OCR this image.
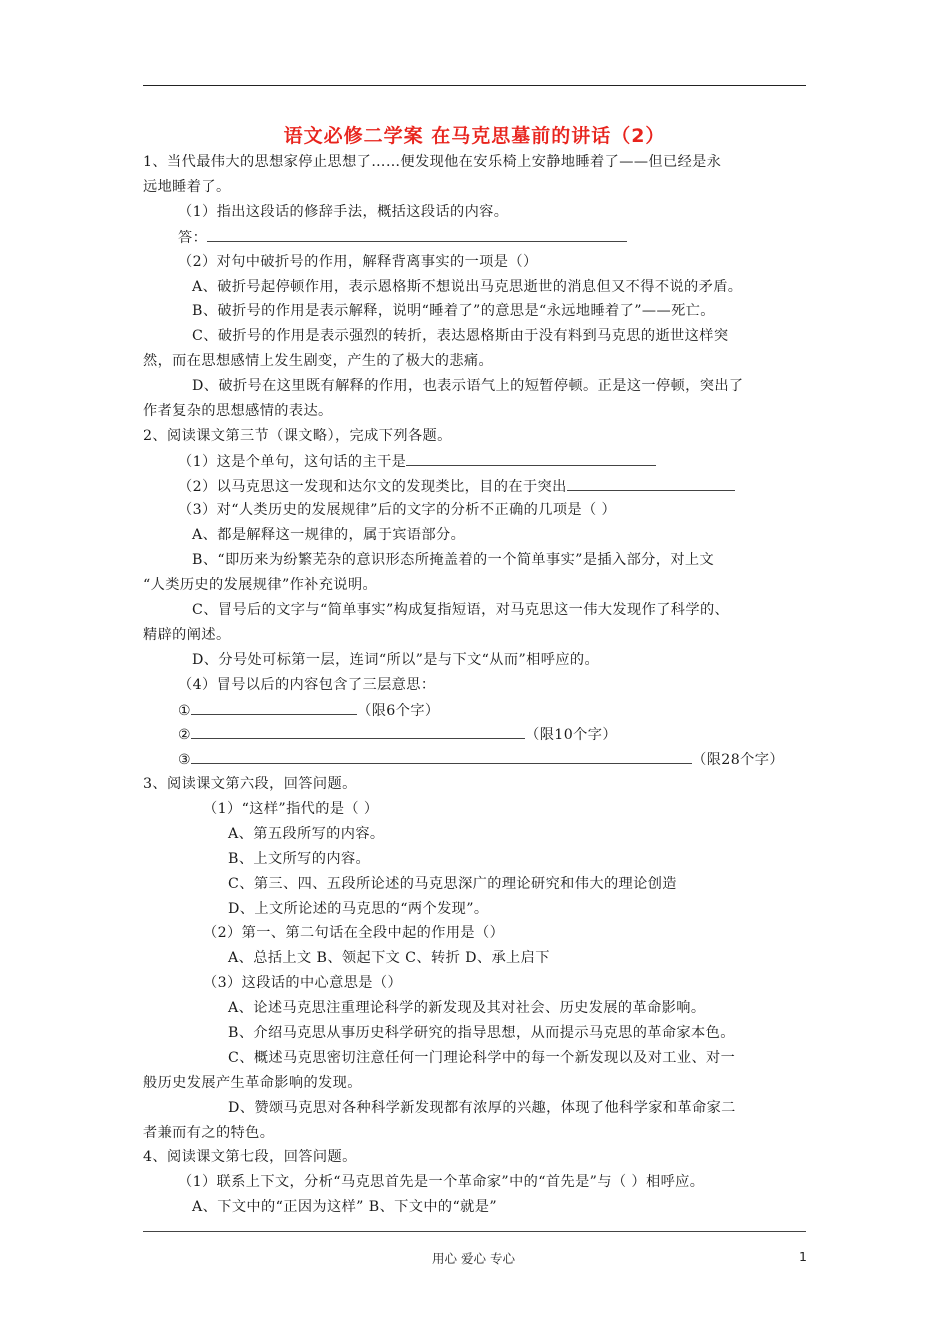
语文必修二学案 在马克思墓前的讲话（2）
1、当代最伟大的思想家停止思想了……便发现他在安乐椅上安静地睡着了——但已经是永
远地睡着了。
（1）指出这段话的修辞手法，概括这段话的内容。
答：
（2）对句中破折号的作用，解释背离事实的一项是（）
A、破折号起停顿作用，表示恩格斯不想说出马克思逝世的消息但又不得不说的矛盾。
B、破折号的作用是表示解释，说明“睡着了”的意思是“永远地睡着了”——死亡。
C、破折号的作用是表示强烈的转折，表达恩格斯由于没有料到马克思的逝世这样突
然，而在思想感情上发生剧变，产生的了极大的悲痛。
D、破折号在这里既有解释的作用，也表示语气上的短暂停顿。正是这一停顿，突出了
作者复杂的思想感情的表达。
2、阅读课文第三节（课文略），完成下列各题。
（1）这是个单句，这句话的主干是
（2）以马克思这一发现和达尔文的发现类比，目的在于突出
（3）对“人类历史的发展规律”后的文字的分析不正确的几项是（ ）
A、都是解释这一规律的，属于宾语部分。
B、“即历来为纷繁芜杂的意识形态所掩盖着的一个简单事实”是插入部分，对上文
“人类历史的发展规律”作补充说明。
C、冒号后的文字与“简单事实”构成复指短语，对马克思这一伟大发现作了科学的、
精辟的阐述。
D、分号处可标第一层，连词“所以”是与下文“从而”相呼应的。
（4）冒号以后的内容包含了三层意思：
①	（限6个字）
②	（限10个字）
③	（限28个字）
3、阅读课文第六段，回答问题。
（1）“这样”指代的是（ ）
A、第五段所写的内容。
B、上文所写的内容。
C、第三、四、五段所论述的马克思深广的理论研究和伟大的理论创造
D、上文所论述的马克思的“两个发现”。
（2）第一、第二句话在全段中起的作用是（）
A、总括上文 B、领起下文 C、转折 D、承上启下
（3）这段话的中心意思是（）
A、论述马克思注重理论科学的新发现及其对社会、历史发展的革命影响。
B、介绍马克思从事历史科学研究的指导思想，从而提示马克思的革命家本色。
C、概述马克思密切注意任何一门理论科学中的每一个新发现以及对工业、对一
般历史发展产生革命影响的发现。
D、赞颂马克思对各种科学新发现都有浓厚的兴趣，体现了他科学家和革命家二
者兼而有之的特色。
4、阅读课文第七段，回答问题。
（1）联系上下文，分析“马克思首先是一个革命家”中的“首先是”与（ ）相呼应。
A、下文中的“正因为这样” B、下文中的“就是”
用心 爱心 专心	1
